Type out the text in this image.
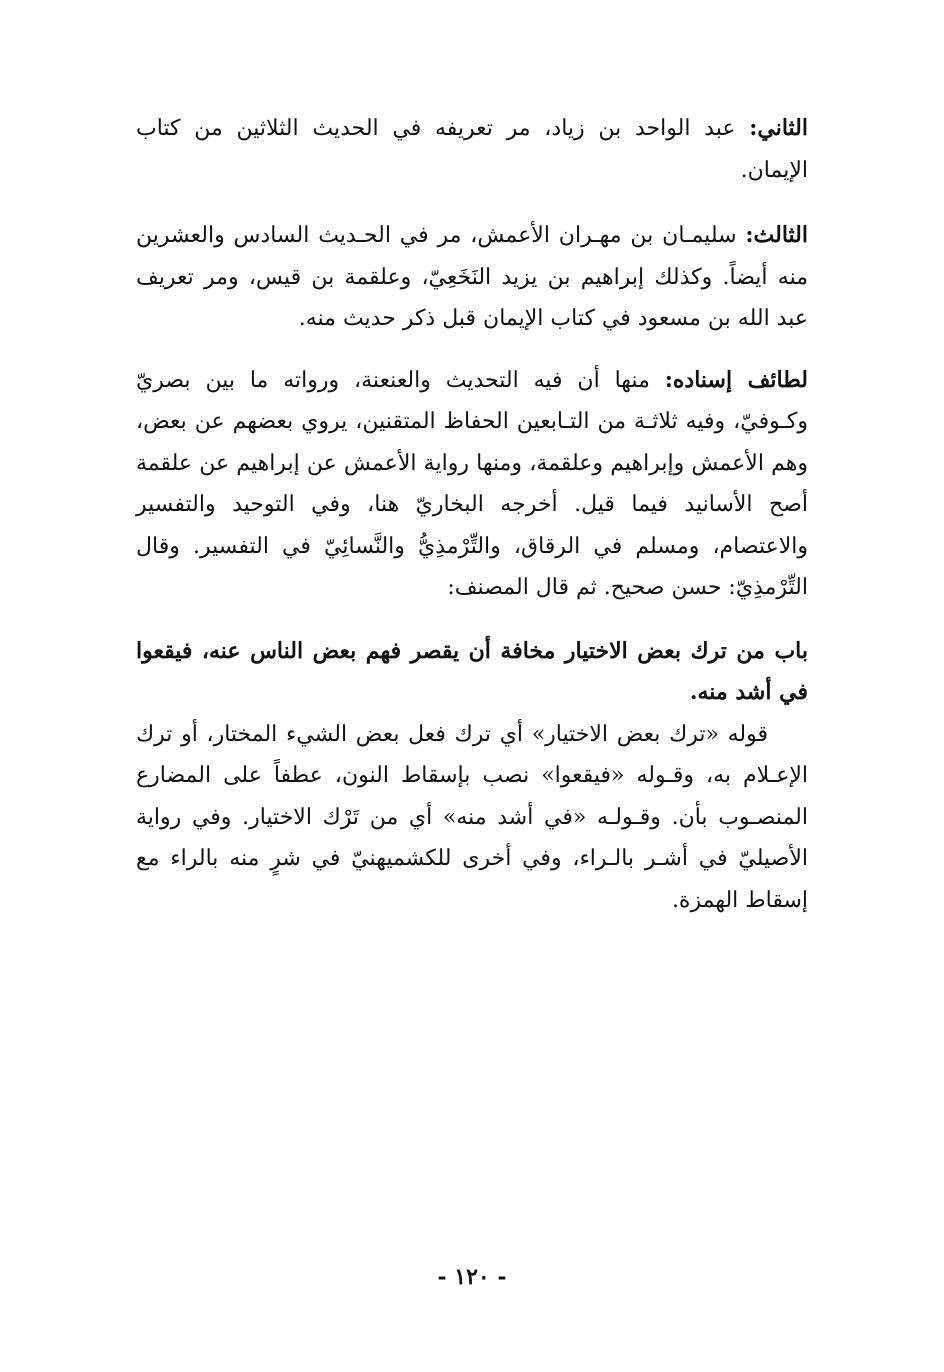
الثاني: عبد الواحد بن زياد، مر تعريفه في الحديث الثلاثين من كتاب الإيمان.

الثالث: سليمـان بن مهـران الأعمش، مر في الحـديث السادس والعشرين منه أيضاً. وكذلك إبراهيم بن يزيد النَخَعِيّ، وعلقمة بن قيس، ومر تعريف عبد الله بن مسعود في كتاب الإيمان قبل ذكر حديث منه.

لطائف إسناده: منها أن فيه التحديث والعنعنة، ورواته ما بين بصريّ وكـوفيّ، وفيه ثلاثـة من التـابعين الحفاظ المتقنين، يروي بعضهم عن بعض، وهم الأعمش وإبراهيم وعلقمة، ومنها رواية الأعمش عن إبراهيم عن علقمة أصح الأسانيد فيما قيل. أخرجه البخاريّ هنا، وفي التوحيد والتفسير والاعتصام، ومسلم في الرقاق، والتِّرْمذِيُّ والنَّسائِيّ في التفسير. وقال التِّرْمذِيّ: حسن صحيح. ثم قال المصنف:

باب من ترك بعض الاختيار مخافة أن يقصر فهم بعض الناس عنه، فيقعوا في أشد منه.

قوله «ترك بعض الاختيار» أي ترك فعل بعض الشيء المختار، أو ترك الإعـلام به، وقـوله «فيقعوا» نصب بإسقاط النون، عطفاً على المضارع المنصـوب بأن. وقـولـه «في أشد منه» أي من تَرْك الاختيار. وفي رواية الأصيليّ في أشـر بالـراء، وفي أخرى للكشميهنيّ في شرٍ منه بالراء مع إسقاط الهمزة.

- ١٢٠ -
